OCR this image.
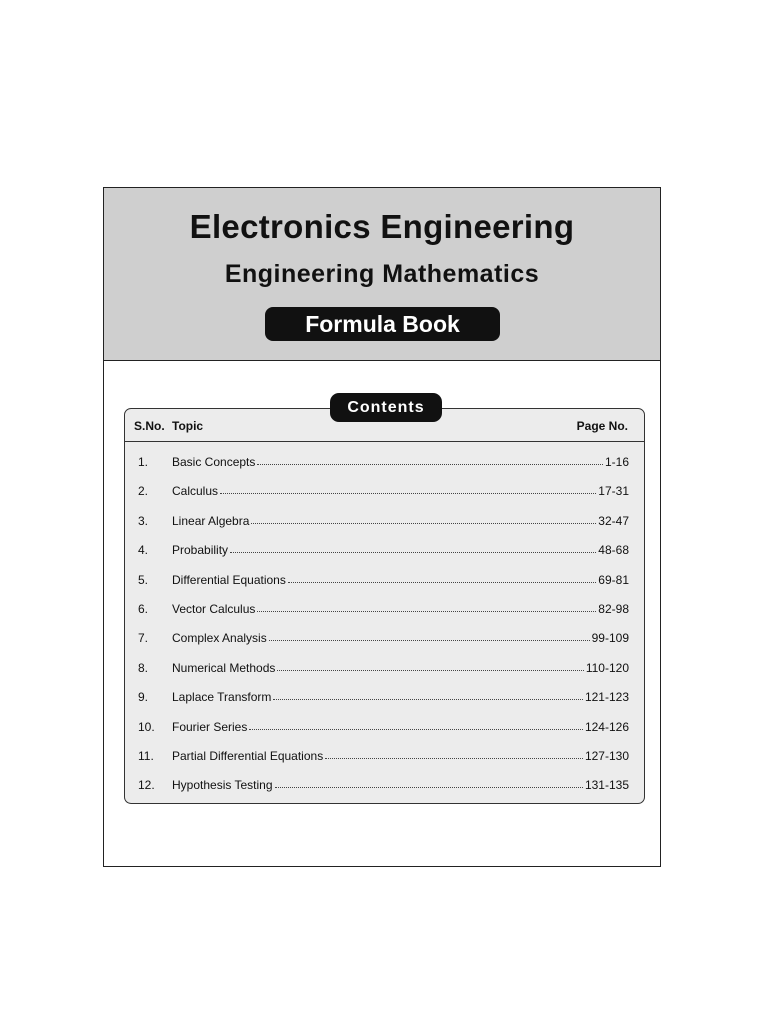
Electronics Engineering
Engineering Mathematics
Formula Book
Contents
S.No. Topic	Page No.
1. Basic Concepts	1-16
2. Calculus	17-31
3. Linear Algebra	32-47
4. Probability	48-68
5. Differential Equations	69-81
6. Vector Calculus	82-98
7. Complex Analysis	99-109
8. Numerical Methods	110-120
9. Laplace Transform	121-123
10. Fourier Series	124-126
11. Partial Differential Equations	127-130
12. Hypothesis Testing	131-135
